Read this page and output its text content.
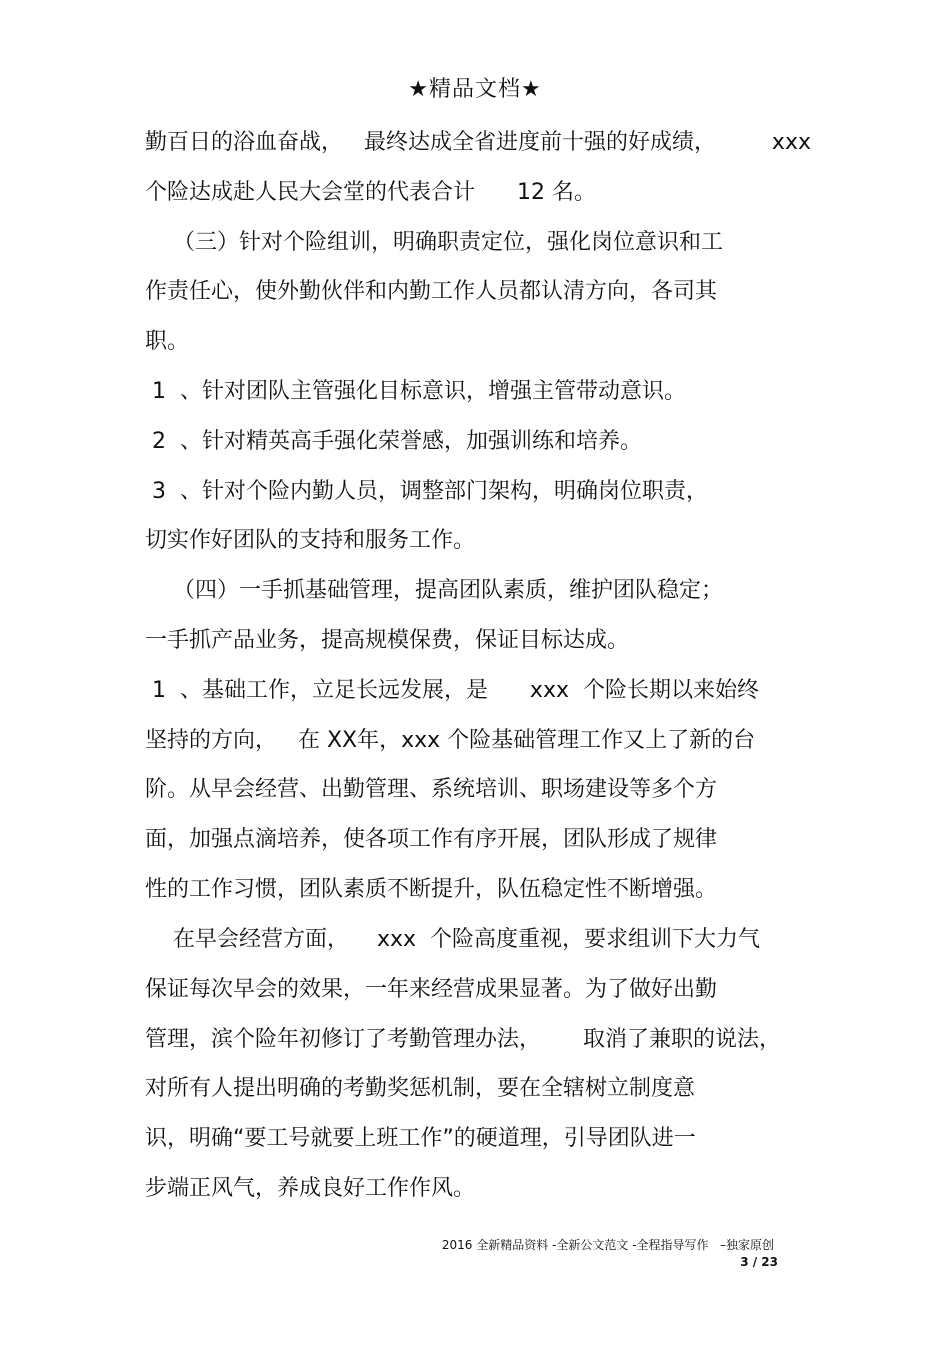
★精品文档★
勤百日的浴血奋战，   最终达成全省进度前十强的好成绩，        xxx
个险达成赴人民大会堂的代表合计      12 名。
（三）针对个险组训，明确职责定位，强化岗位意识和工
作责任心，使外勤伙伴和内勤工作人员都认清方向，各司其
职。
1  、针对团队主管强化目标意识，增强主管带动意识。
2  、针对精英高手强化荣誉感，加强训练和培养。
3  、针对个险内勤人员，调整部门架构，明确岗位职责，
切实作好团队的支持和服务工作。
（四）一手抓基础管理，提高团队素质，维护团队稳定；
一手抓产品业务，提高规模保费，保证目标达成。
1  、基础工作，立足长远发展，是      xxx  个险长期以来始终
坚持的方向，   在 XX年，xxx 个险基础管理工作又上了新的台
阶。从早会经营、出勤管理、系统培训、职场建设等多个方
面，加强点滴培养，使各项工作有序开展，团队形成了规律
性的工作习惯，团队素质不断提升，队伍稳定性不断增强。
在早会经营方面，    xxx  个险高度重视，要求组训下大力气
保证每次早会的效果，一年来经营成果显著。为了做好出勤
管理，滨个险年初修订了考勤管理办法，      取消了兼职的说法，
对所有人提出明确的考勤奖惩机制，要在全辖树立制度意
识，明确“要工号就要上班工作”的硬道理，引导团队进一
步端正风气，养成良好工作作风。
2016 全新精品资料 -全新公文范文 -全程指导写作   –独家原创
3 / 23
